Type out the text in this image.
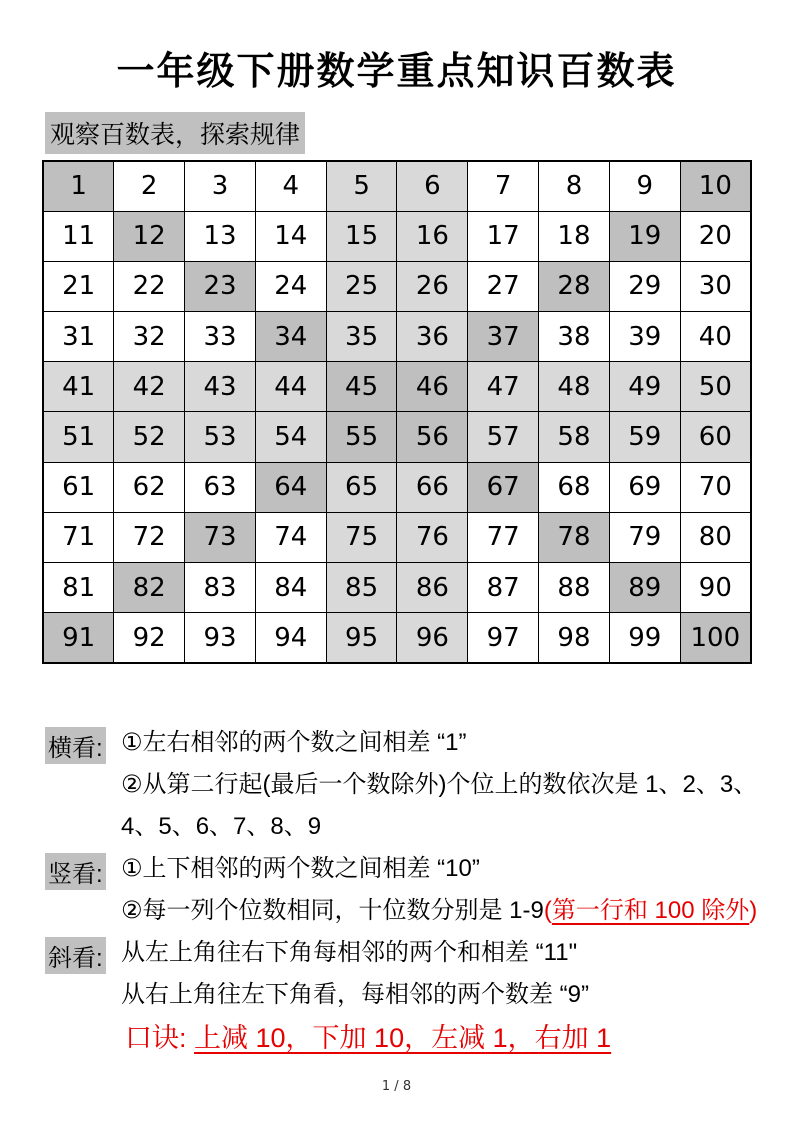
一年级下册数学重点知识百数表
观察百数表，探索规律
1	2	3	4	5	6	7	8	9	10
11	12	13	14	15	16	17	18	19	20
21	22	23	24	25	26	27	28	29	30
31	32	33	34	35	36	37	38	39	40
41	42	43	44	45	46	47	48	49	50
51	52	53	54	55	56	57	58	59	60
61	62	63	64	65	66	67	68	69	70
71	72	73	74	75	76	77	78	79	80
81	82	83	84	85	86	87	88	89	90
91	92	93	94	95	96	97	98	99	100
横看: ①左右相邻的两个数之间相差 “1”
②从第二行起(最后一个数除外)个位上的数依次是 1、2、3、
4、5、6、7、8、9
竖看: ①上下相邻的两个数之间相差 “10”
②每一列个位数相同，十位数分别是 1-9(第一行和 100 除外)
斜看: 从左上角往右下角每相邻的两个和相差 “11"
从右上角往左下角看，每相邻的两个数差 “9”
口诀: 上减 10，下加 10，左减 1，右加 1
1 / 8
